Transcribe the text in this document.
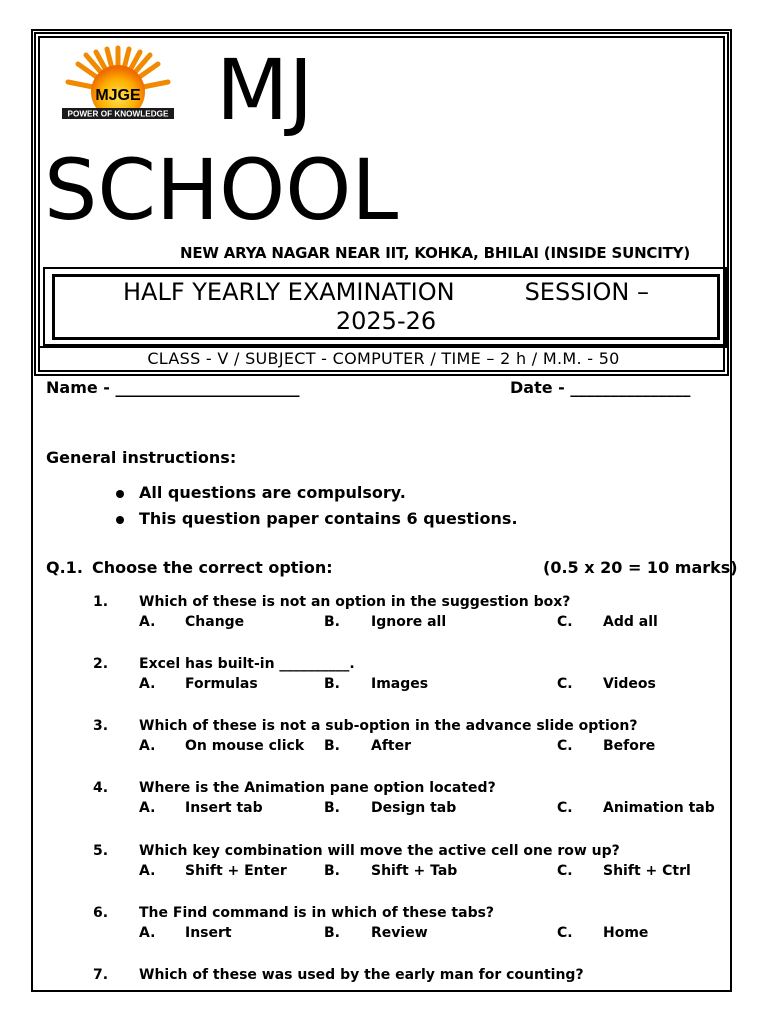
MJGE
POWER OF KNOWLEDGE MJ
SCHOOL
NEW ARYA NAGAR NEAR IIT, KOHKA, BHILAI (INSIDE SUNCITY)
HALF YEARLY EXAMINATION	SESSION –
2025-26
CLASS - V / SUBJECT - COMPUTER / TIME – 2 h / M.M. - 50
Name - _______________________	Date - _______________
General instructions:
All questions are compulsory.
This question paper contains 6 questions.
Q.1. Choose the correct option:	(0.5 x 20 = 10 marks)
1. Which of these is not an option in the suggestion box?
A. Change	B. Ignore all	C. Add all
2. Excel has built-in __________.
A. Formulas	B. Images	C. Videos
3. Which of these is not a sub-option in the advance slide option?
A. On mouse click B. After	C. Before
4. Where is the Animation pane option located?
A. Insert tab	B. Design tab	C. Animation tab
5. Which key combination will move the active cell one row up?
A. Shift + Enter	B. Shift + Tab	C. Shift + Ctrl
6. The Find command is in which of these tabs?
A. Insert	B. Review	C. Home
7. Which of these was used by the early man for counting?
